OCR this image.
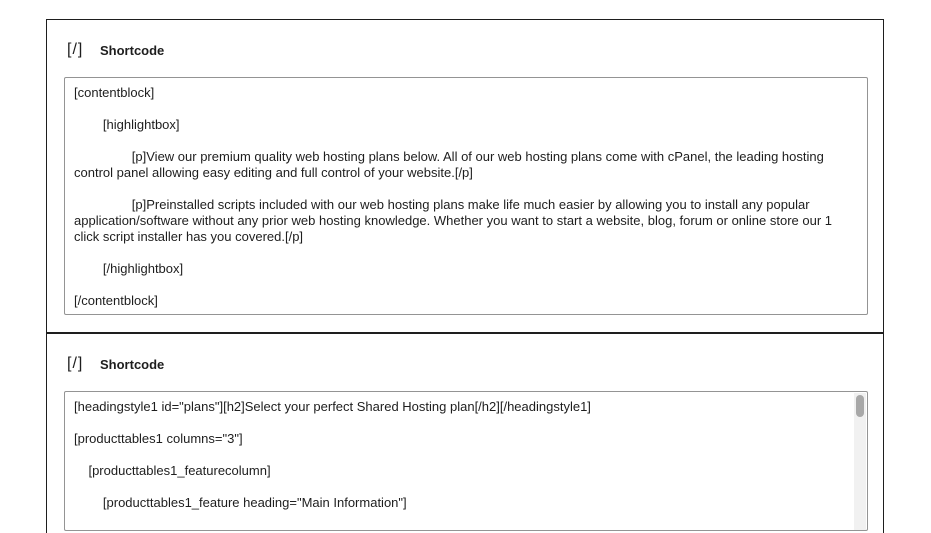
[/]	Shortcode
[contentblock]
[highlightbox]
[p]View our premium quality web hosting plans below. All of our web hosting plans come with cPanel, the leading hosting control panel allowing easy editing and full control of your website.[/p]
[p]Preinstalled scripts included with our web hosting plans make life much easier by allowing you to install any popular application/software without any prior web hosting knowledge. Whether you want to start a website, blog, forum or online store our 1 click script installer has you covered.[/p]
[/highlightbox]
[/contentblock]
[/]	Shortcode
[headingstyle1 id="plans"][h2]Select your perfect Shared Hosting plan[/h2][/headingstyle1]
[producttables1 columns="3"]
[producttables1_featurecolumn]
[producttables1_feature heading="Main Information"]
